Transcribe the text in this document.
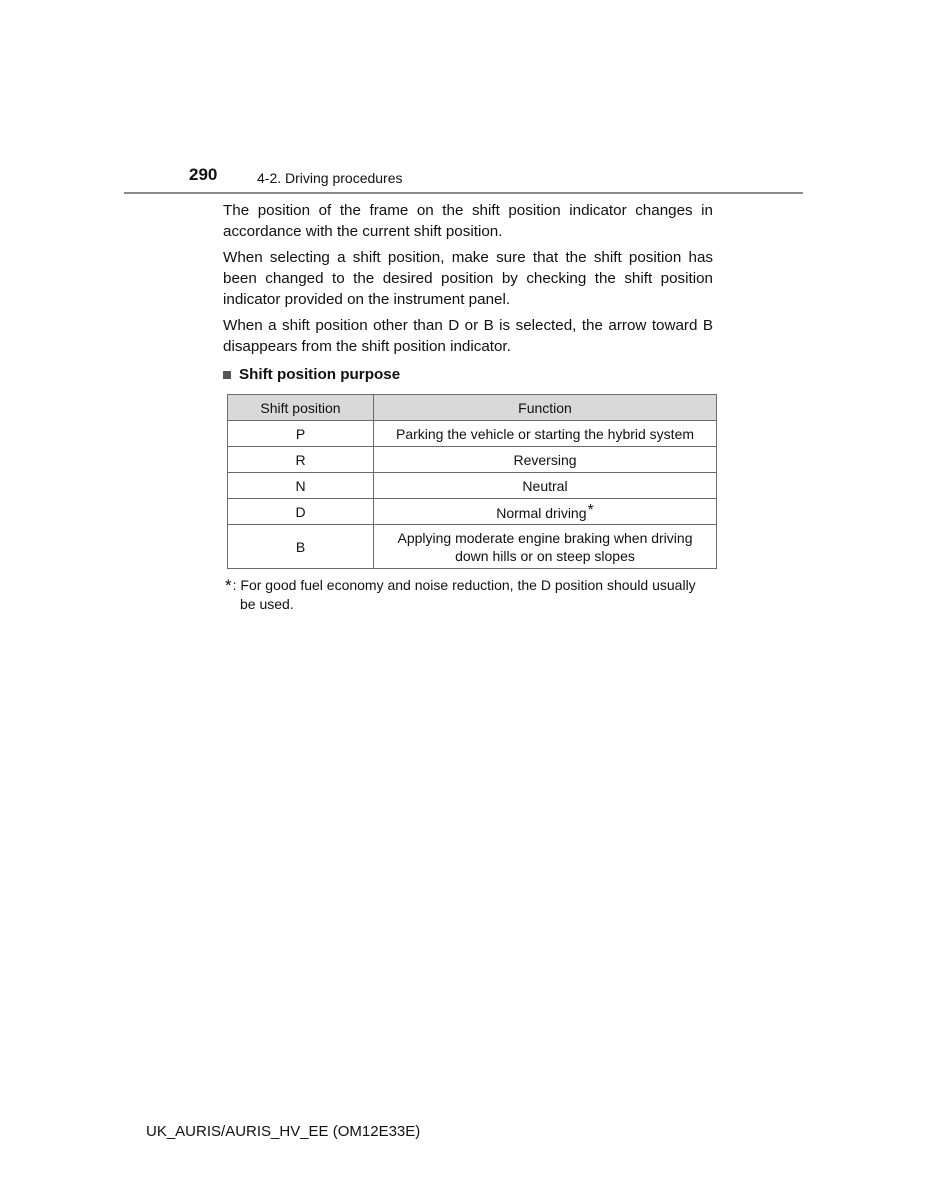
290	4-2. Driving procedures

The position of the frame on the shift position indicator changes in accordance with the current shift position.

When selecting a shift position, make sure that the shift position has been changed to the desired position by checking the shift position indicator provided on the instrument panel.

When a shift position other than D or B is selected, the arrow toward B disappears from the shift position indicator.

Shift position purpose
Shift position	Function
P	Parking the vehicle or starting the hybrid system
R	Reversing
N	Neutral
D	Normal driving*
B	Applying moderate engine braking when driving
down hills or on steep slopes
* : For good fuel economy and noise reduction, the D position should usually
be used.
UK_AURIS/AURIS_HV_EE (OM12E33E)
